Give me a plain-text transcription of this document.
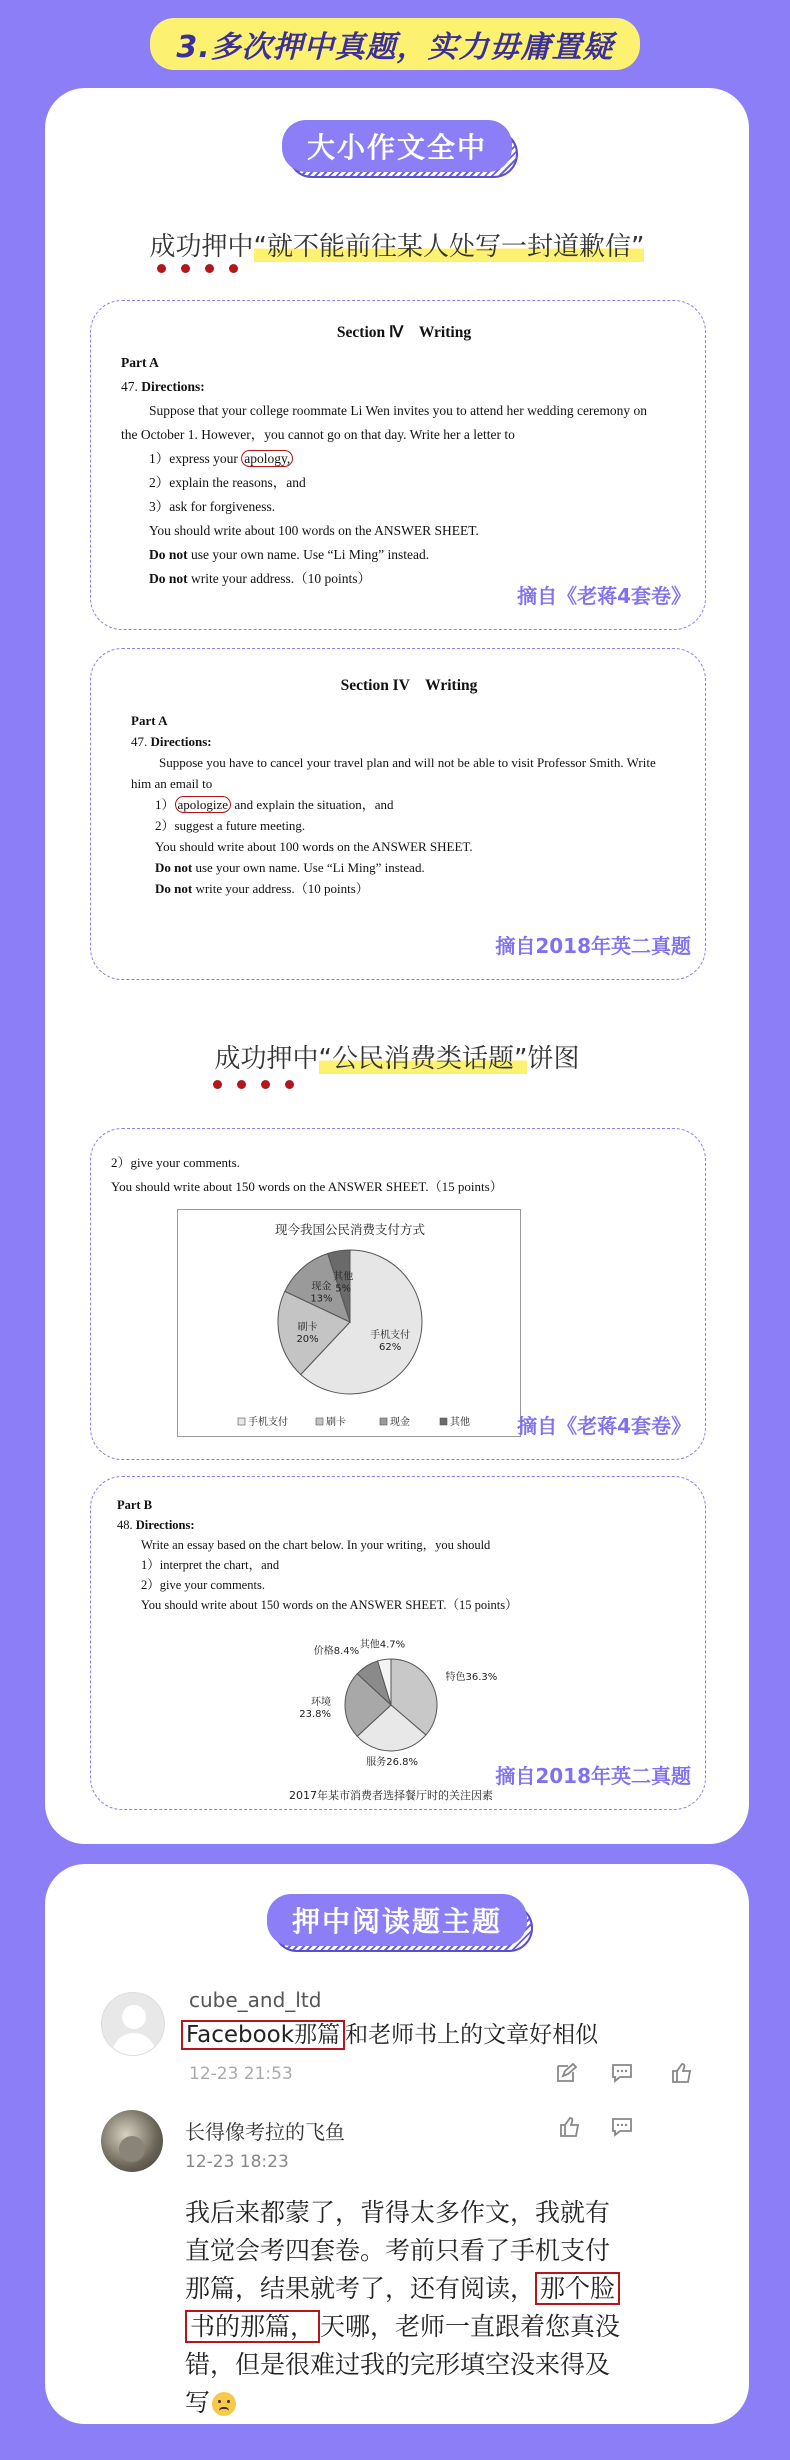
3.多次押中真题，实力毋庸置疑
大小作文全中
成功押中“就不能前往某人处写一封道歉信”
Section Ⅳ　Writing
Part A
47. Directions:
Suppose that your college roommate Li Wen invites you to attend her wedding ceremony on
the October 1. However，you cannot go on that day. Write her a letter to
1）express your apology,
2）explain the reasons，and
3）ask for forgiveness.
You should write about 100 words on the ANSWER SHEET.
Do not use your own name. Use “Li Ming” instead.
Do not write your address.（10 points）
摘自《老蒋4套卷》
Section IV　Writing
Part A
47. Directions:
Suppose you have to cancel your travel plan and will not be able to visit Professor Smith. Write
him an email to
1） apologize and explain the situation，and
2）suggest a future meeting.
You should write about 100 words on the ANSWER SHEET.
Do not use your own name. Use “Li Ming” instead.
Do not write your address.（10 points）
摘自2018年英二真题
成功押中“公民消费类话题”饼图
2）give your comments.
You should write about 150 words on the ANSWER SHEET.（15 points）
现今我国公民消费支付方式
手机支付 62%
刷卡 20%
现金 13%
其他 5%
手机支付	刷卡	现金	其他 摘自《老蒋4套卷》
Part B
48. Directions:
Write an essay based on the chart below. In your writing，you should
1）interpret the chart，and
2）give your comments.
You should write about 150 words on the ANSWER SHEET.（15 points）
特色36.3%
服务26.8%
环境 23.8%
价格8.4%
其他4.7%
2017年某市消费者选择餐厅时的关注因素
摘自2018年英二真题
押中阅读题主题
cube_and_ltd
Facebook那篇 和老师书上的文章好相似
12-23 21:53
长得像考拉的飞鱼
12-23 18:23
我后来都蒙了，背得太多作文，我就有
直觉会考四套卷。考前只看了手机支付
那篇，结果就考了，还有阅读， 那个脸
书的那篇， 天哪，老师一直跟着您真没
错，但是很难过我的完形填空没来得及
写
